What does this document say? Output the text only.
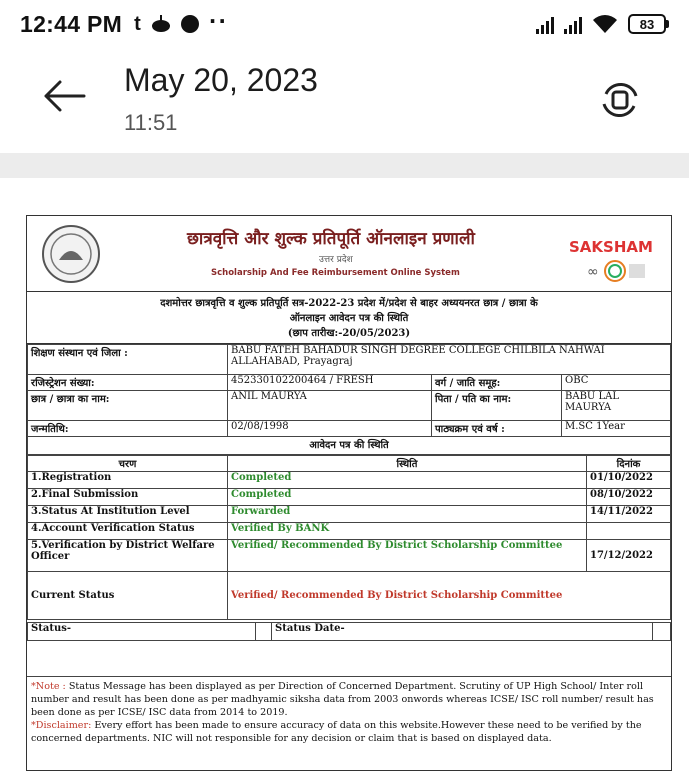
12:44 PM t	··	83
May 20, 2023
11:51
छात्रवृत्ति और शुल्क प्रतिपूर्ति ऑनलाइन प्रणाली
उत्तर प्रदेश
Scholarship And Fee Reimbursement Online System
SAKSHAM
∞
दशमोत्तर छात्रवृत्ति व शुल्क प्रतिपूर्ति सत्र-2022-23 प्रदेश में/प्रदेश से बाहर अध्ययनरत छात्र / छात्रा के
ऑनलाइन आवेदन पत्र की स्थिति
(छाप तारीख:-20/05/2023)
शिक्षण संस्थान एवं जिला :	BABU FATEH BAHADUR SINGH DEGREE COLLEGE CHILBILA NAHWAI ALLAHABAD, Prayagraj		
रजिस्ट्रेशन संख्या:	452330102200464 / FRESH	वर्ग / जाति समूह:	OBC
छात्र / छात्रा का नाम:	ANIL MAURYA	पिता / पति का नाम:	BABU LAL MAURYA
जन्मतिथि:	02/08/1998	पाठ्यक्रम एवं वर्ष :	M.SC 1Year
आवेदन पत्र की स्थिति			
चरण	स्थिति	दिनांक
1.Registration	Completed	01/10/2022
2.Final Submission	Completed	08/10/2022
3.Status At Institution Level	Forwarded	14/11/2022
4.Account Verification Status	Verified By BANK	
5.Verification by District Welfare Officer	Verified/ Recommended By District Scholarship Committee	17/12/2022
Current Status	Verified/ Recommended By District Scholarship Committee	
Status-		Status Date-	
*Note : Status Message has been displayed as per Direction of Concerned Department. Scrutiny of UP High School/ Inter roll number and result has been done as per madhyamic siksha data from 2003 onwords whereas ICSE/ ISC roll number/ result has been done as per ICSE/ ISC data from 2014 to 2019.
*Disclaimer: Every effort has been made to ensure accuracy of data on this website.However these need to be verified by the concerned departments. NIC will not responsible for any decision or claim that is based on displayed data.
